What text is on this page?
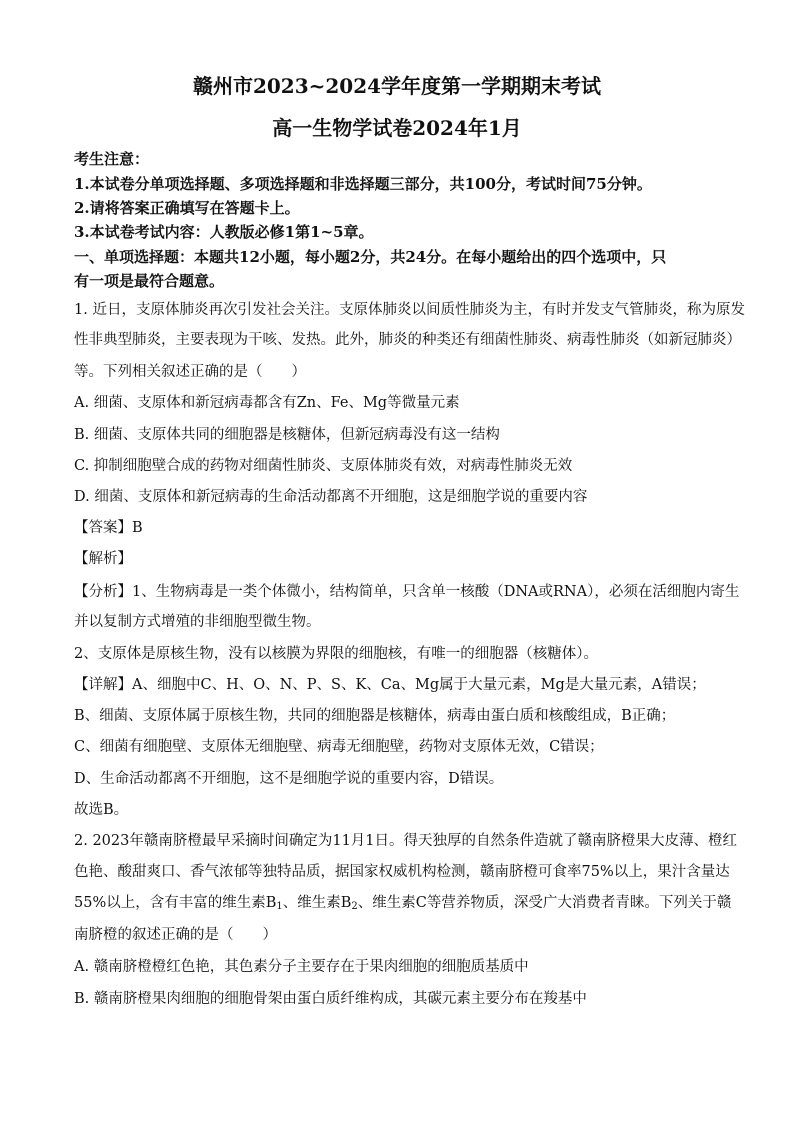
赣州市2023~2024学年度第一学期期末考试
高一生物学试卷2024年1月
考生注意：
1.本试卷分单项选择题、多项选择题和非选择题三部分，共100分，考试时间75分钟。
2.请将答案正确填写在答题卡上。
3.本试卷考试内容：人教版必修1第1~5章。
一、单项选择题：本题共12小题，每小题2分，共24分。在每小题给出的四个选项中，只
有一项是最符合题意。
1. 近日，支原体肺炎再次引发社会关注。支原体肺炎以间质性肺炎为主，有时并发支气管肺炎，称为原发
性非典型肺炎，主要表现为干咳、发热。此外，肺炎的种类还有细菌性肺炎、病毒性肺炎（如新冠肺炎）
等。下列相关叙述正确的是（　　）
A. 细菌、支原体和新冠病毒都含有Zn、Fe、Mg等微量元素
B. 细菌、支原体共同的细胞器是核糖体，但新冠病毒没有这一结构
C. 抑制细胞壁合成的药物对细菌性肺炎、支原体肺炎有效，对病毒性肺炎无效
D. 细菌、支原体和新冠病毒的生命活动都离不开细胞，这是细胞学说的重要内容
【答案】B
【解析】
【分析】1、生物病毒是一类个体微小，结构简单，只含单一核酸（DNA或RNA），必须在活细胞内寄生
并以复制方式增殖的非细胞型微生物。
2、支原体是原核生物，没有以核膜为界限的细胞核，有唯一的细胞器（核糖体）。
【详解】A、细胞中C、H、O、N、P、S、K、Ca、Mg属于大量元素，Mg是大量元素，A错误；
B、细菌、支原体属于原核生物，共同的细胞器是核糖体，病毒由蛋白质和核酸组成，B正确；
C、细菌有细胞壁、支原体无细胞壁、病毒无细胞壁，药物对支原体无效，C错误；
D、生命活动都离不开细胞，这不是细胞学说的重要内容，D错误。
故选B。
2. 2023年赣南脐橙最早采摘时间确定为11月1日。得天独厚的自然条件造就了赣南脐橙果大皮薄、橙红
色艳、酸甜爽口、香气浓郁等独特品质，据国家权威机构检测，赣南脐橙可食率75%以上，果汁含量达
55%以上，含有丰富的维生素$B_1$、维生素$B_2$、维生素C等营养物质，深受广大消费者青睐。下列关于赣
南脐橙的叙述正确的是（　　）
A. 赣南脐橙橙红色艳，其色素分子主要存在于果肉细胞的细胞质基质中
B. 赣南脐橙果肉细胞的细胞骨架由蛋白质纤维构成，其碳元素主要分布在羧基中
